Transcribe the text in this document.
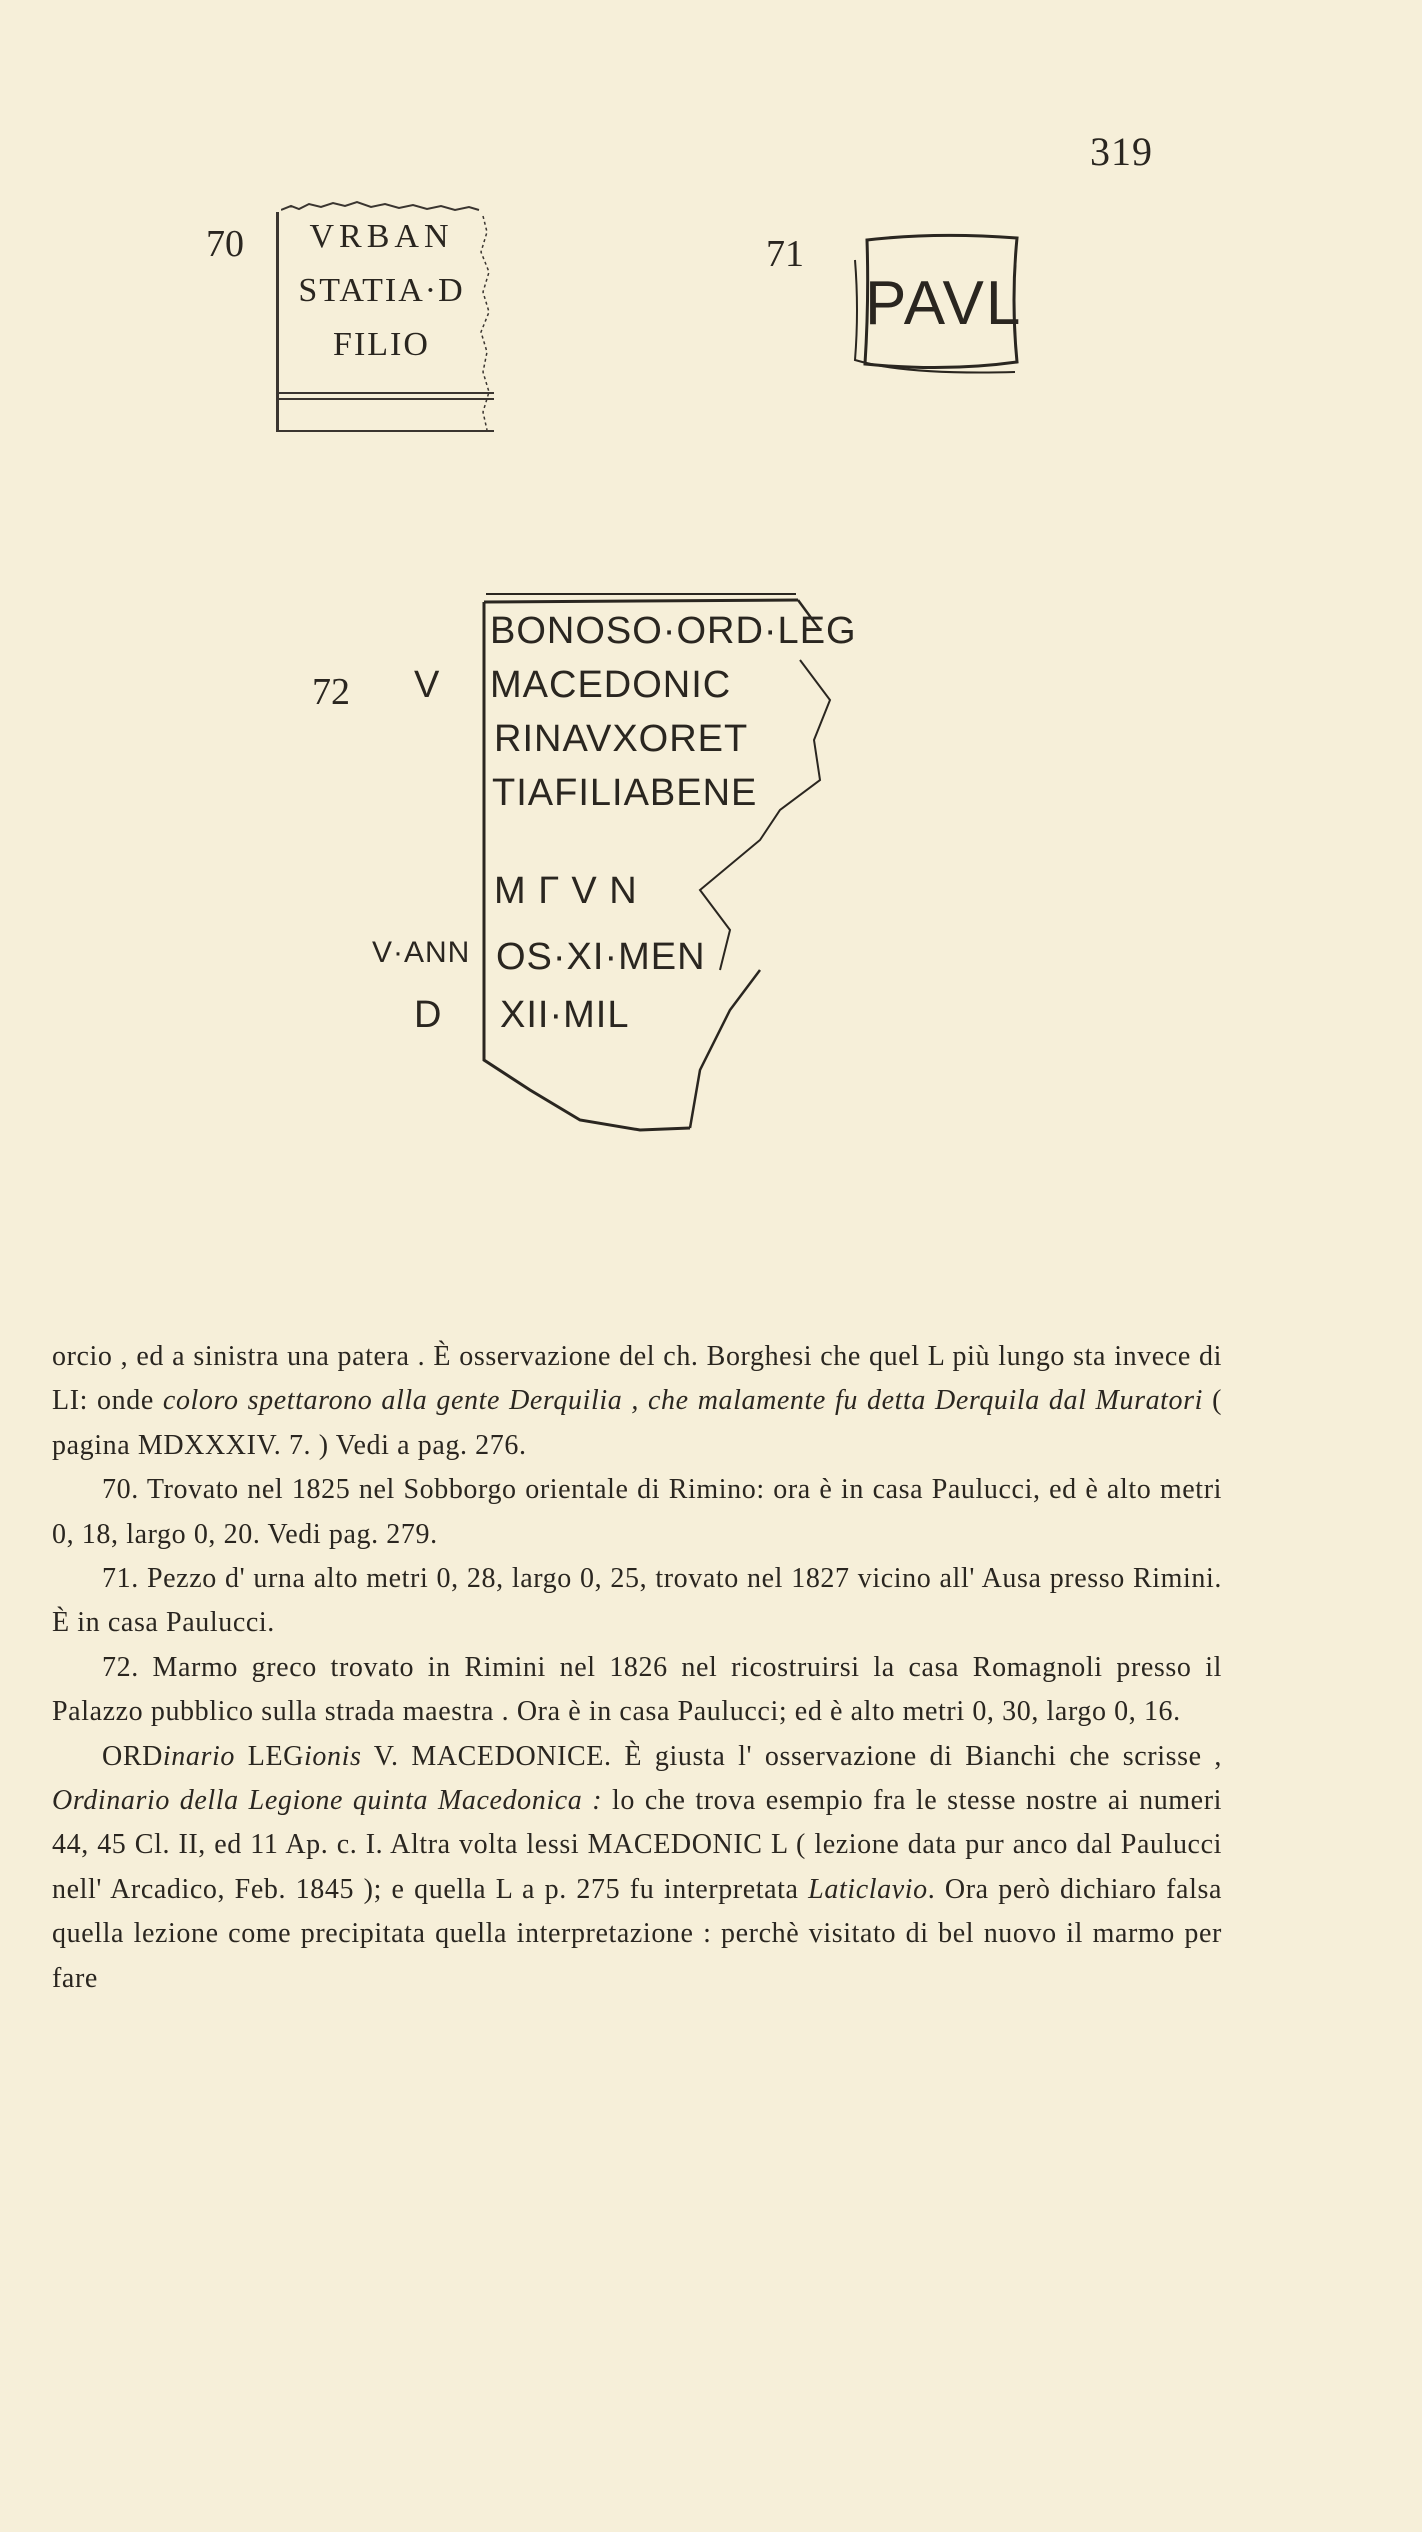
319
70	VRBAN
STATIA·D
FILIO
71
PAVL
72
BONOSO·ORD·LEG
MACEDONIC
RINAVXORET
TIAFILIABENE
M Г V N
OS·XI·MEN
XII·MIL
V
V·ANN
D

orcio , ed a sinistra una patera . È osservazione del ch. Borghesi che quel L più lungo sta invece di LI: onde coloro spettarono alla gente Derquilia , che malamente fu detta Derquila dal Muratori ( pagina MDXXXIV. 7. ) Vedi a pag. 276.

70. Trovato nel 1825 nel Sobborgo orientale di Rimino: ora è in casa Paulucci, ed è alto metri 0, 18, largo 0, 20. Vedi pag. 279.

71. Pezzo d' urna alto metri 0, 28, largo 0, 25, trovato nel 1827 vicino all' Ausa presso Rimini. È in casa Paulucci.

72. Marmo greco trovato in Rimini nel 1826 nel ricostruirsi la casa Romagnoli presso il Palazzo pubblico sulla strada maestra . Ora è in casa Paulucci; ed è alto metri 0, 30, largo 0, 16.

ORDinario LEGionis V. MACEDONICE. È giusta l' osservazione di Bianchi che scrisse , Ordinario della Legione quinta Macedonica : lo che trova esempio fra le stesse nostre ai numeri 44, 45 Cl. II, ed 11 Ap. c. I. Altra volta lessi MACEDONIC L ( lezione data pur anco dal Paulucci nell' Arcadico, Feb. 1845 ); e quella L a p. 275 fu interpretata Laticlavio. Ora però dichiaro falsa quella lezione come precipitata quella interpretazione : perchè visitato di bel nuovo il marmo per fare
